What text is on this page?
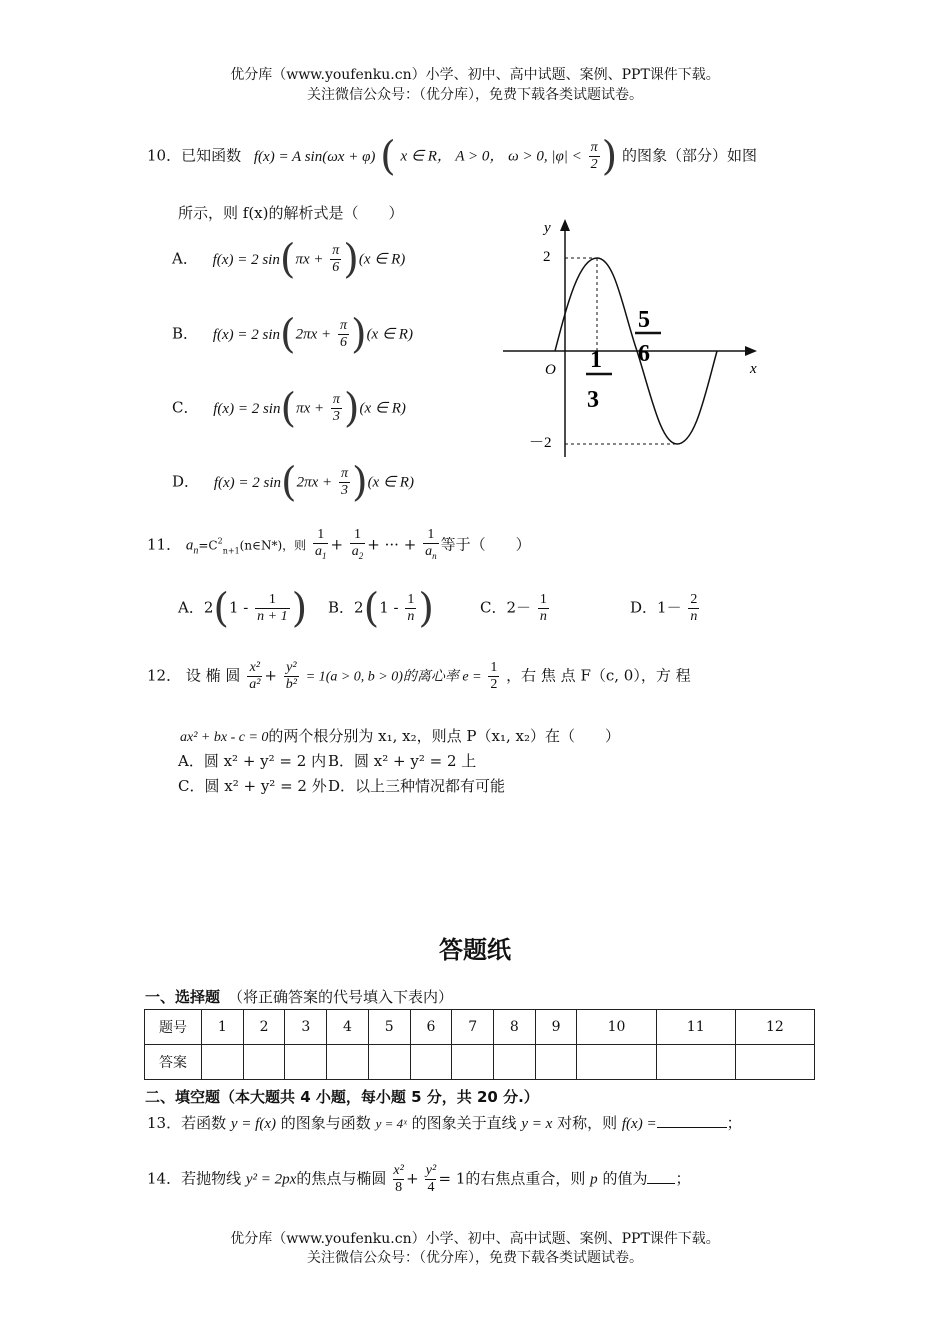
优分库（www.youfenku.cn）小学、初中、高中试题、案例、PPT课件下载。
关注微信公众号：（优分库），免费下载各类试题试卷。
10．已知函数 f(x) = A sin(ωx + φ) ( x ∈ R， A > 0， ω > 0, $|\varphi| < \frac{\pi}{2}$ ) 的图象（部分）如图
所示，则 f(x)的解析式是（　　）
A． f(x) = 2 $\sin(\pi x + \frac{\pi}{6} )(x$ ∈ R)
B． f(x) = 2 $\sin(2\pi x + \frac{\pi}{6} )(x$ ∈ R)
C． f(x) = 2 $\sin(\pi x + \frac{\pi}{3} )(x$ ∈ R)
D． f(x) = 2 $\sin(2\pi x + \frac{\pi}{3} )(x$ ∈ R)
y
x
O
2
－2
1
3
5
6
11． $a_n=C^2_{n+1}(n\in N*)$，则 $\frac{1}{a_1} + \frac{1}{a_2}$ + ··· + $\frac{1}{a_n}$ 等于（　　）
A．$2(1 - \frac{1}{n + 1}$ ) B．$2(1 - \frac{1}{n}$ )	C．$2- \frac{1}{n}$	D．$1- \frac{2}{n}$
12． 设 椭 圆 $\frac{\text{x²}}{\text{a²}} + \frac{\text{y²}}{\text{b²}} = 1(a > 0$, b > 0)的离心率 $e = \frac{1}{2}$ ，右 焦 点 F（c, 0），方 程
ax² + bx - c = 0的两个根分别为 x₁, x₂，则点 P（x₁, x₂）在（　　）
A．圆 x² + y² = 2 内 B．圆 x² + y² = 2 上
C．圆 x² + y² = 2 外 D．以上三种情况都有可能
答题纸
一、选择题 （将正确答案的代号填入下表内）
题号	1	2	3	4	5	6	7	8	9	10	11	12
答案												
二、填空题（本大题共 4 小题，每小题 5 分，共 20 分.）
13．若函数 y = f(x) 的图象与函数 y = 4ˣ 的图象关于直线 y = x 对称，则 f(x) =	；
14．若抛物线 y² = 2px的焦点与椭圆 $\frac{\text{x²}}{8} + \frac{\text{y²}}{4} = 1$的右焦点重合，则 p 的值为 ；
优分库（www.youfenku.cn）小学、初中、高中试题、案例、PPT课件下载。
关注微信公众号：（优分库），免费下载各类试题试卷。
